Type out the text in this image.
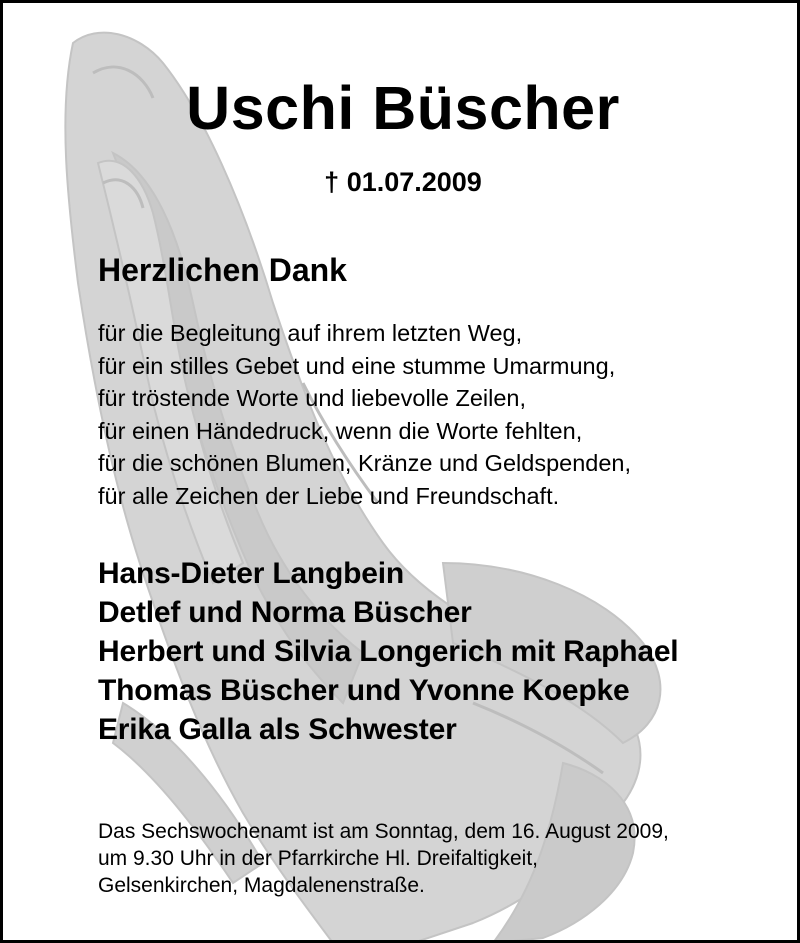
Uschi Büscher
† 01.07.2009
Herzlichen Dank
für die Begleitung auf ihrem letzten Weg,
für ein stilles Gebet und eine stumme Umarmung,
für tröstende Worte und liebevolle Zeilen,
für einen Händedruck, wenn die Worte fehlten,
für die schönen Blumen, Kränze und Geldspenden,
für alle Zeichen der Liebe und Freundschaft.
Hans-Dieter Langbein
Detlef und Norma Büscher
Herbert und Silvia Longerich mit Raphael
Thomas Büscher und Yvonne Koepke
Erika Galla als Schwester
Das Sechswochenamt ist am Sonntag, dem 16. August 2009,
um 9.30 Uhr in der Pfarrkirche Hl. Dreifaltigkeit,
Gelsenkirchen, Magdalenenstraße.
